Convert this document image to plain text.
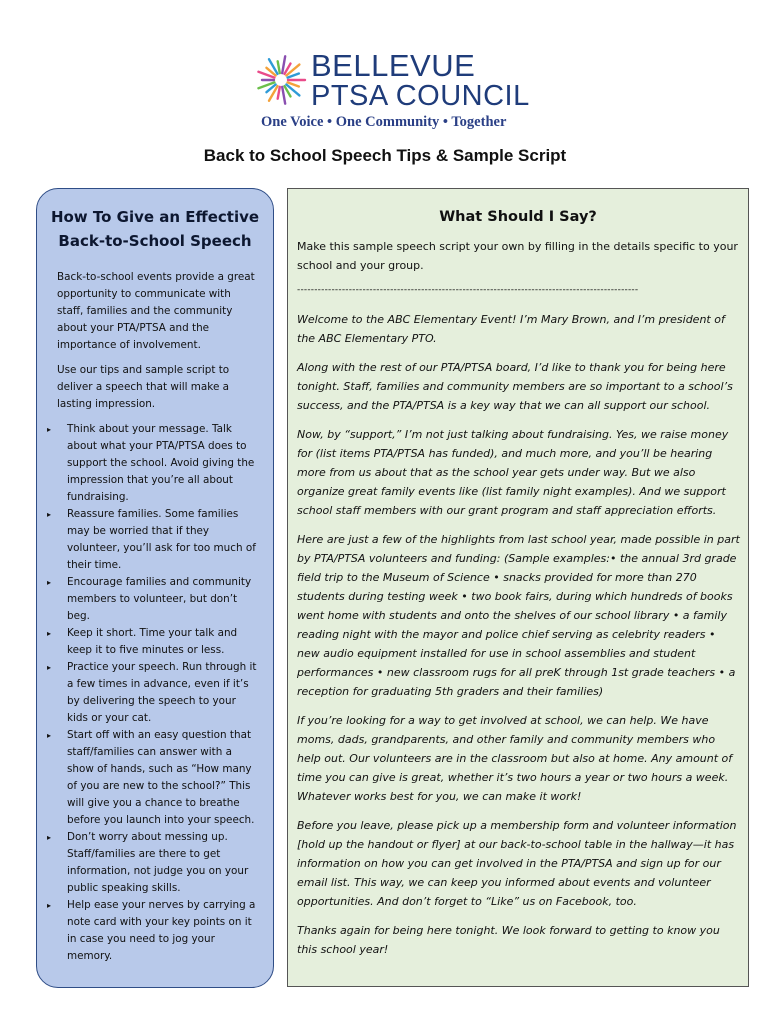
BELLEVUE
PTSA COUNCIL
One Voice • One Community • Together
Back to School Speech Tips & Sample Script
How To Give an Effective
Back-to-School Speech

Back-to-school events provide a great opportunity to communicate with staff, families and the community about your PTA/PTSA and the importance of involvement.

Use our tips and sample script to deliver a speech that will make a lasting impression.

▸ Think about your message. Talk about what your PTA/PTSA does to support the school. Avoid giving the impression that you’re all about fundraising.
▸ Reassure families. Some families may be worried that if they volunteer, you’ll ask for too much of their time.
▸ Encourage families and community members to volunteer, but don’t beg.
▸ Keep it short. Time your talk and keep it to five minutes or less.
▸ Practice your speech. Run through it a few times in advance, even if it’s by delivering the speech to your kids or your cat.
▸ Start off with an easy question that staff/families can answer with a show of hands, such as “How many of you are new to the school?” This will give you a chance to breathe before you launch into your speech.
▸ Don’t worry about messing up. Staff/families are there to get information, not judge you on your public speaking skills.
▸ Help ease your nerves by carrying a note card with your key points on it in case you need to jog your memory.
What Should I Say?

Make this sample speech script your own by filling in the details specific to your school and your group.

---------------------------------------------------------------------------------------------------

Welcome to the ABC Elementary Event! I’m Mary Brown, and I’m president of the ABC Elementary PTO.

Along with the rest of our PTA/PTSA board, I’d like to thank you for being here tonight. Staff, families and community members are so important to a school’s success, and the PTA/PTSA is a key way that we can all support our school.

Now, by “support,” I’m not just talking about fundraising. Yes, we raise money for (list items PTA/PTSA has funded), and much more, and you’ll be hearing more from us about that as the school year gets under way. But we also organize great family events like (list family night examples). And we support school staff members with our grant program and staff appreciation efforts.

Here are just a few of the highlights from last school year, made possible in part by PTA/PTSA volunteers and funding: (Sample examples:• the annual 3rd grade field trip to the Museum of Science • snacks provided for more than 270 students during testing week • two book fairs, during which hundreds of books went home with students and onto the shelves of our school library • a family reading night with the mayor and police chief serving as celebrity readers • new audio equipment installed for use in school assemblies and student performances • new classroom rugs for all preK through 1st grade teachers • a reception for graduating 5th graders and their families)

If you’re looking for a way to get involved at school, we can help. We have moms, dads, grandparents, and other family and community members who help out. Our volunteers are in the classroom but also at home. Any amount of time you can give is great, whether it’s two hours a year or two hours a week. Whatever works best for you, we can make it work!

Before you leave, please pick up a membership form and volunteer information [hold up the handout or flyer] at our back-to-school table in the hallway—it has information on how you can get involved in the PTA/PTSA and sign up for our email list. This way, we can keep you informed about events and volunteer opportunities. And don’t forget to “Like” us on Facebook, too.

Thanks again for being here tonight. We look forward to getting to know you this school year!
